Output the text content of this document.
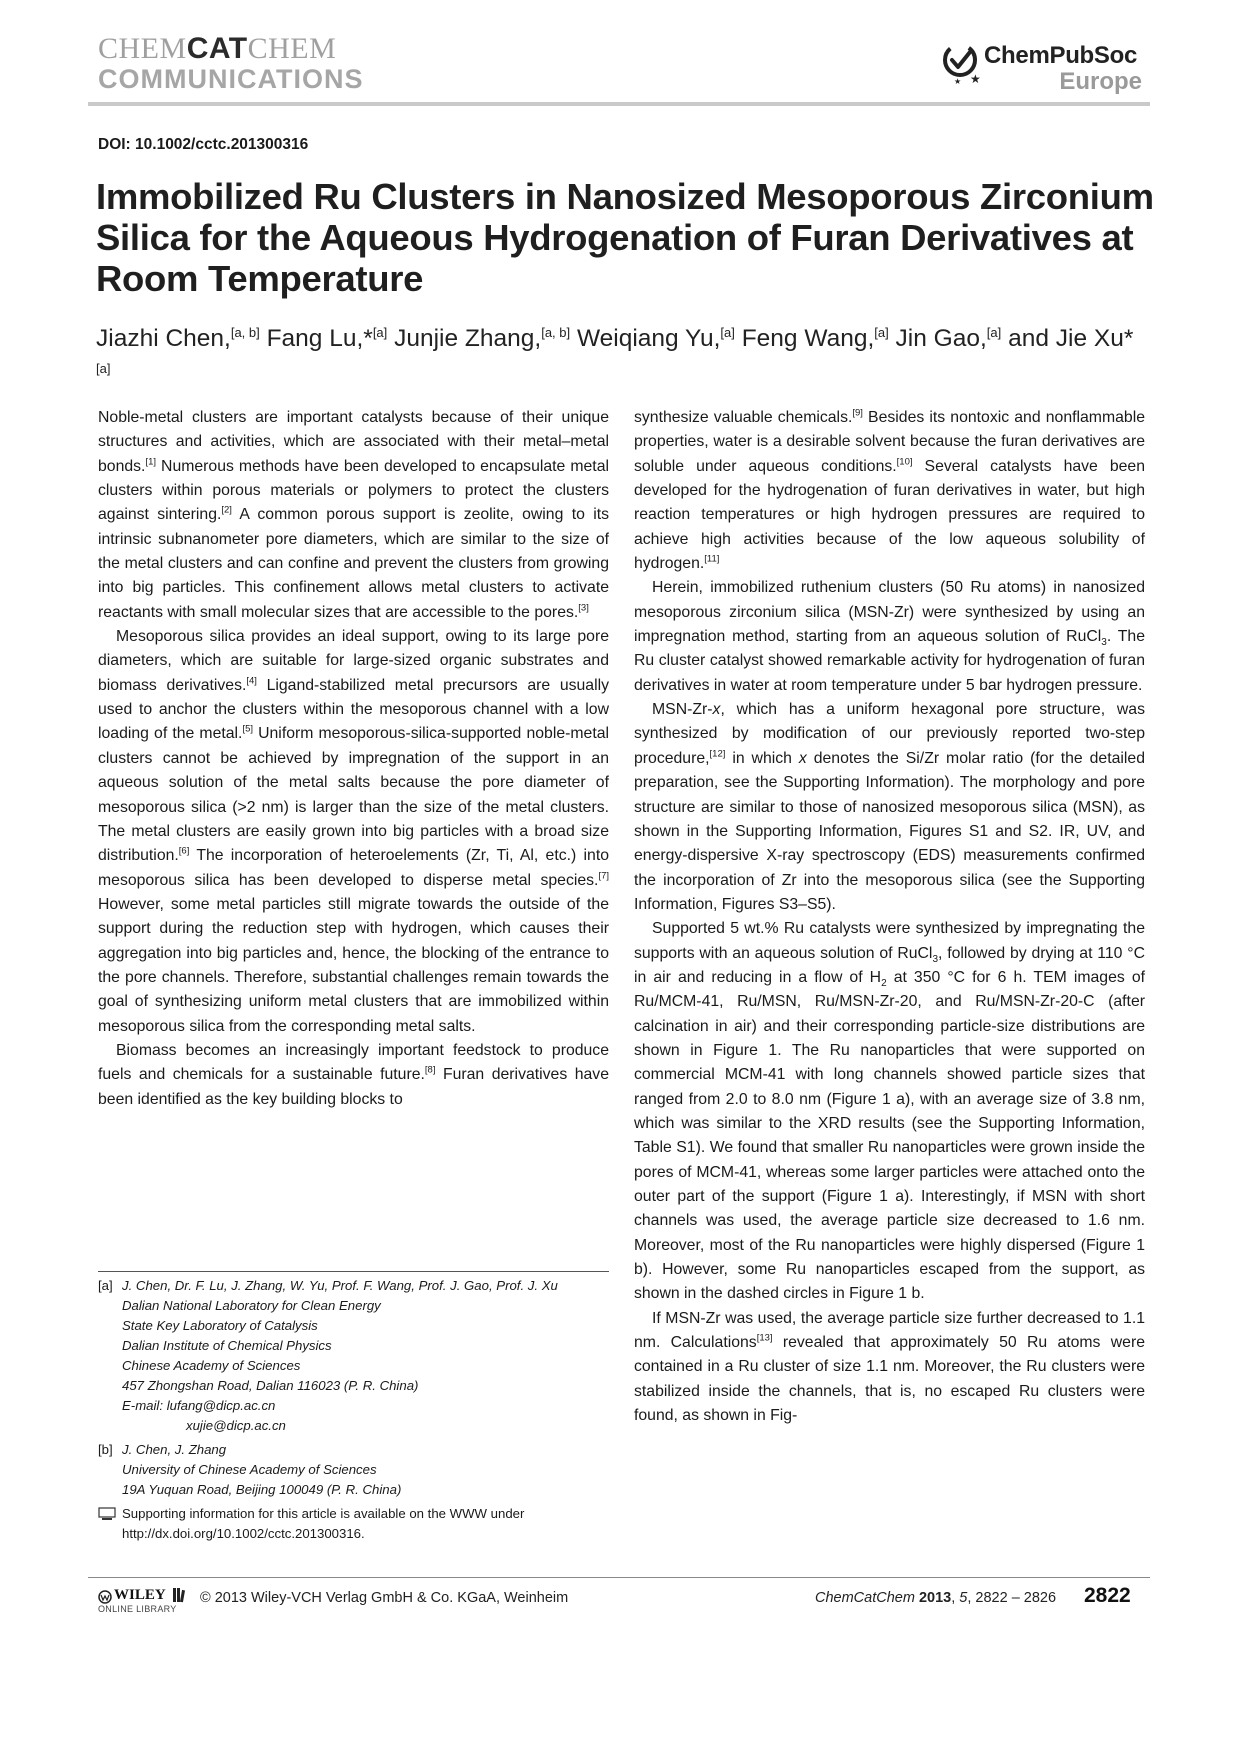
CHEMCATCHEM
COMMUNICATIONS	★
★
ChemPubSoc
Europe
DOI: 10.1002/cctc.201300316
Immobilized Ru Clusters in Nanosized Mesoporous Zirconium Silica for the Aqueous Hydrogenation of Furan Derivatives at Room Temperature
Jiazhi Chen,[a, b] Fang Lu,*[a] Junjie Zhang,[a, b] Weiqiang Yu,[a] Feng Wang,[a] Jin Gao,[a] and Jie Xu*[a]

Noble-metal clusters are important catalysts because of their unique structures and activities, which are associated with their metal–metal bonds.[1] Numerous methods have been developed to encapsulate metal clusters within porous materials or polymers to protect the clusters against sintering.[2] A common porous support is zeolite, owing to its intrinsic subnanometer pore diameters, which are similar to the size of the metal clusters and can confine and prevent the clusters from growing into big particles. This confinement allows metal clusters to activate reactants with small molecular sizes that are accessible to the pores.[3]

Mesoporous silica provides an ideal support, owing to its large pore diameters, which are suitable for large-sized organic substrates and biomass derivatives.[4] Ligand-stabilized metal precursors are usually used to anchor the clusters within the mesoporous channel with a low loading of the metal.[5] Uniform mesoporous-silica-supported noble-metal clusters cannot be achieved by impregnation of the support in an aqueous solution of the metal salts because the pore diameter of mesoporous silica (>2 nm) is larger than the size of the metal clusters. The metal clusters are easily grown into big particles with a broad size distribution.[6] The incorporation of heteroelements (Zr, Ti, Al, etc.) into mesoporous silica has been developed to disperse metal species.[7] However, some metal particles still migrate towards the outside of the support during the reduction step with hydrogen, which causes their aggregation into big particles and, hence, the blocking of the entrance to the pore channels. Therefore, substantial challenges remain towards the goal of synthesizing uniform metal clusters that are immobilized within mesoporous silica from the corresponding metal salts.

Biomass becomes an increasingly important feedstock to produce fuels and chemicals for a sustainable future.[8] Furan derivatives have been identified as the key building blocks to

synthesize valuable chemicals.[9] Besides its nontoxic and nonflammable properties, water is a desirable solvent because the furan derivatives are soluble under aqueous conditions.[10] Several catalysts have been developed for the hydrogenation of furan derivatives in water, but high reaction temperatures or high hydrogen pressures are required to achieve high activities because of the low aqueous solubility of hydrogen.[11]

Herein, immobilized ruthenium clusters (50 Ru atoms) in nanosized mesoporous zirconium silica (MSN-Zr) were synthesized by using an impregnation method, starting from an aqueous solution of RuCl$_3$. The Ru cluster catalyst showed remarkable activity for hydrogenation of furan derivatives in water at room temperature under 5 bar hydrogen pressure.

MSN-Zr-x, which has a uniform hexagonal pore structure, was synthesized by modification of our previously reported two-step procedure,[12] in which x denotes the Si/Zr molar ratio (for the detailed preparation, see the Supporting Information). The morphology and pore structure are similar to those of nanosized mesoporous silica (MSN), as shown in the Supporting Information, Figures S1 and S2. IR, UV, and energy-dispersive X-ray spectroscopy (EDS) measurements confirmed the incorporation of Zr into the mesoporous silica (see the Supporting Information, Figures S3–S5).

Supported 5 wt.% Ru catalysts were synthesized by impregnating the supports with an aqueous solution of RuCl$_3$, followed by drying at 110 °C in air and reducing in a flow of $H_2$ at 350 °C for 6 h. TEM images of Ru/MCM-41, Ru/MSN, Ru/MSN-Zr-20, and Ru/MSN-Zr-20-C (after calcination in air) and their corresponding particle-size distributions are shown in Figure 1. The Ru nanoparticles that were supported on commercial MCM-41 with long channels showed particle sizes that ranged from 2.0 to 8.0 nm (Figure 1 a), with an average size of 3.8 nm, which was similar to the XRD results (see the Supporting Information, Table S1). We found that smaller Ru nanoparticles were grown inside the pores of MCM-41, whereas some larger particles were attached onto the outer part of the support (Figure 1 a). Interestingly, if MSN with short channels was used, the average particle size decreased to 1.6 nm. Moreover, most of the Ru nanoparticles were highly dispersed (Figure 1 b). However, some Ru nanoparticles escaped from the support, as shown in the dashed circles in Figure 1 b.

If MSN-Zr was used, the average particle size further decreased to 1.1 nm. Calculations[13] revealed that approximately 50 Ru atoms were contained in a Ru cluster of size 1.1 nm. Moreover, the Ru clusters were stabilized inside the channels, that is, no escaped Ru clusters were found, as shown in Fig-

[a] J. Chen, Dr. F. Lu, J. Zhang, W. Yu, Prof. F. Wang, Prof. J. Gao, Prof. J. Xu
Dalian National Laboratory for Clean Energy
State Key Laboratory of Catalysis
Dalian Institute of Chemical Physics
Chinese Academy of Sciences
457 Zhongshan Road, Dalian 116023 (P. R. China)
E-mail: lufang@dicp.ac.cn
xujie@dicp.ac.cn
[b] J. Chen, J. Zhang
University of Chinese Academy of Sciences
19A Yuquan Road, Beijing 100049 (P. R. China)
Supporting information for this article is available on the WWW under
http://dx.doi.org/10.1002/cctc.201300316.
WILEY
ONLINE LIBRARY
© 2013 Wiley-VCH Verlag GmbH & Co. KGaA, Weinheim	ChemCatChem 2013, 5, 2822 – 2826 2822
